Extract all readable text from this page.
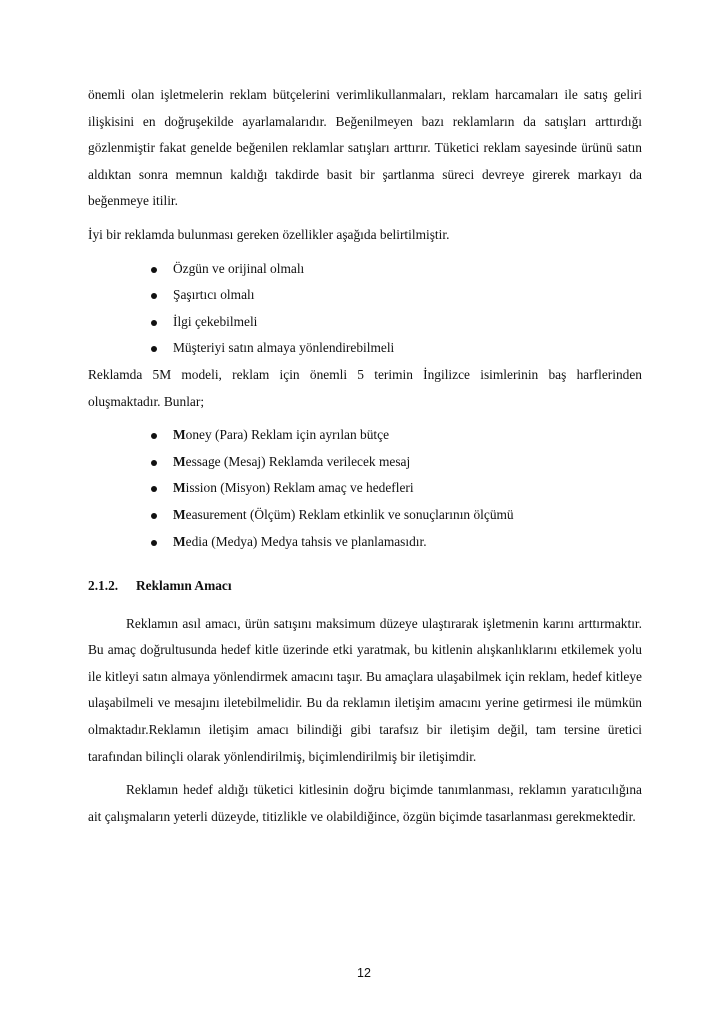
önemli olan işletmelerin reklam bütçelerini verimlikullanmaları, reklam harcamaları ile satış geliri ilişkisini en doğruşekilde ayarlamalarıdır. Beğenilmeyen bazı reklamların da satışları arttırdığı gözlenmiştir fakat genelde beğenilen reklamlar satışları arttırır. Tüketici reklam sayesinde ürünü satın aldıktan sonra memnun kaldığı takdirde basit bir şartlanma süreci devreye girerek markayı da beğenmeye itilir.

İyi bir reklamda bulunması gereken özellikler aşağıda belirtilmiştir.

Özgün ve orijinal olmalı
Şaşırtıcı olmalı
İlgi çekebilmeli
Müşteriyi satın almaya yönlendirebilmeli

Reklamda 5M modeli, reklam için önemli 5 terimin İngilizce isimlerinin baş harflerinden oluşmaktadır. Bunlar;

Money (Para) Reklam için ayrılan bütçe
Message (Mesaj) Reklamda verilecek mesaj
Mission (Misyon) Reklam amaç ve hedefleri
Measurement (Ölçüm) Reklam etkinlik ve sonuçlarının ölçümü
Media (Medya) Medya tahsis ve planlamasıdır.

2.1.2. Reklamın Amacı

Reklamın asıl amacı, ürün satışını maksimum düzeye ulaştırarak işletmenin karını arttırmaktır. Bu amaç doğrultusunda hedef kitle üzerinde etki yaratmak, bu kitlenin alışkanlıklarını etkilemek yolu ile kitleyi satın almaya yönlendirmek amacını taşır. Bu amaçlara ulaşabilmek için reklam, hedef kitleye ulaşabilmeli ve mesajını iletebilmelidir. Bu da reklamın iletişim amacını yerine getirmesi ile mümkün olmaktadır.Reklamın iletişim amacı bilindiği gibi tarafsız bir iletişim değil, tam tersine üretici tarafından bilinçli olarak yönlendirilmiş, biçimlendirilmiş bir iletişimdir.

Reklamın hedef aldığı tüketici kitlesinin doğru biçimde tanımlanması, reklamın yaratıcılığına ait çalışmaların yeterli düzeyde, titizlikle ve olabildiğince, özgün biçimde tasarlanması gerekmektedir.

12
